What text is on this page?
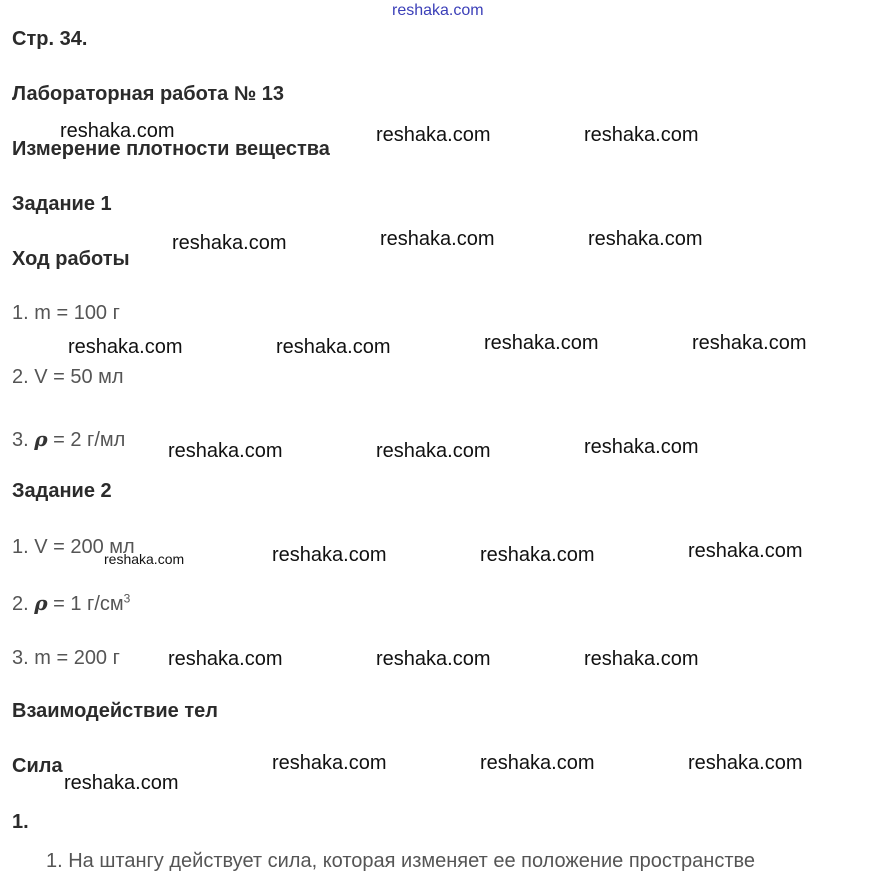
reshaka.com
Стр. 34.
Лабораторная работа № 13
Измерение плотности вещества
Задание 1
Ход работы
1. m = 100 г
2. V = 50 мл
3. ρ = 2 г/мл
Задание 2
1. V = 200 мл
2. ρ = 1 $г/см^3$
3. m = 200 г
Взаимодействие тел
Сила
1.
1. На штангу действует сила, которая изменяет ее положение пространстве
reshaka.com	reshaka.com	reshaka.com
reshaka.com	reshaka.com	reshaka.com
reshaka.com	reshaka.com	reshaka.com	reshaka.com
reshaka.com	reshaka.com	reshaka.com
reshaka.com	reshaka.com	reshaka.com	reshaka.com
reshaka.com	reshaka.com	reshaka.com
reshaka.com	reshaka.com	reshaka.com
reshaka.com
